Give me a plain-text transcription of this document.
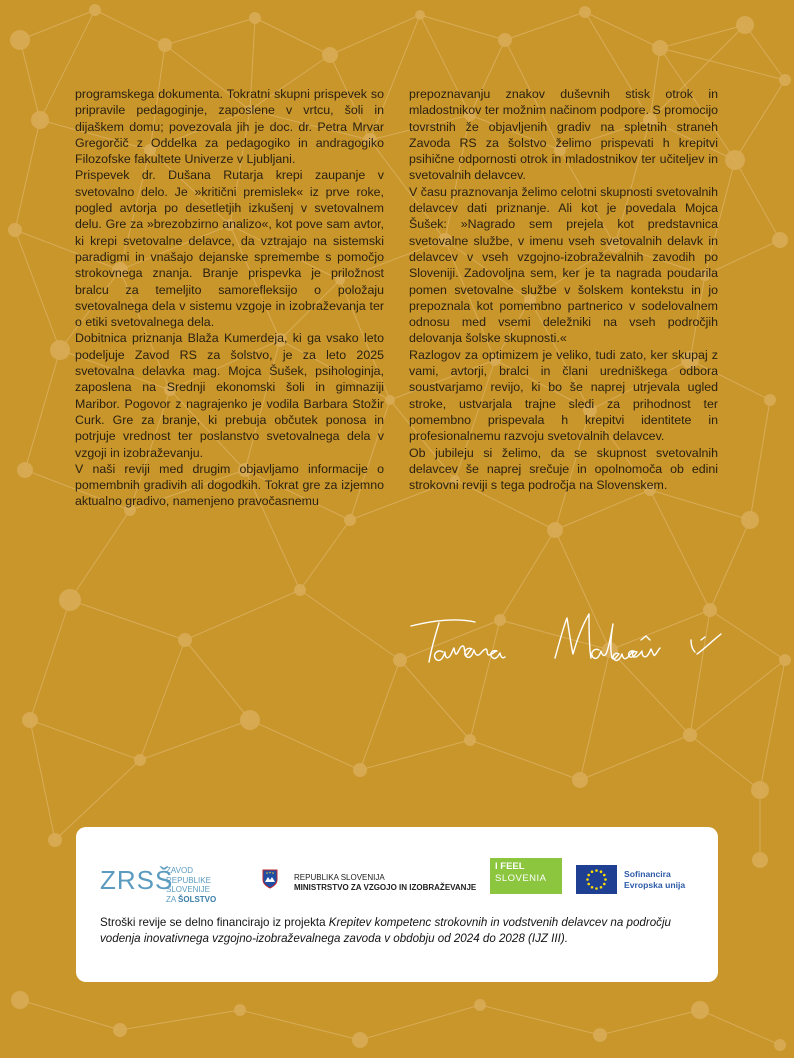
programskega dokumenta. Tokratni skupni prispevek so pripravile pedagoginje, zaposlene v vrtcu, šoli in dijaškem domu; povezovala jih je doc. dr. Petra Mrvar Gregorčič z Oddelka za pedagogiko in andragogiko Filozofske fakultete Univerze v Ljubljani.

Prispevek dr. Dušana Rutarja krepi zaupanje v svetovalno delo. Je »kritični premislek« iz prve roke, pogled avtorja po desetletjih izkušenj v svetovalnem delu. Gre za »brezobzirno analizo«, kot pove sam avtor, ki krepi svetovalne delavce, da vztrajajo na sistemski paradigmi in vnašajo dejanske spremembe s pomočjo strokovnega znanja. Branje prispevka je priložnost bralcu za temeljito samorefleksijo o položaju svetovalnega dela v sistemu vzgoje in izobraževanja ter o etiki svetovalnega dela.

Dobitnica priznanja Blaža Kumerdeja, ki ga vsako leto podeljuje Zavod RS za šolstvo, je za leto 2025 svetovalna delavka mag. Mojca Šušek, psihologinja, zaposlena na Srednji ekonomski šoli in gimnaziji Maribor. Pogovor z nagrajenko je vodila Barbara Stožir Curk. Gre za branje, ki prebuja občutek ponosa in potrjuje vrednost ter poslanstvo svetovalnega dela v vzgoji in izobraževanju.

V naši reviji med drugim objavljamo informacije o pomembnih gradivih ali dogodkih. Tokrat gre za izjemno aktualno gradivo, namenjeno pravočasnemu

prepoznavanju znakov duševnih stisk otrok in mladostnikov ter možnim načinom podpore. S promocijo tovrstnih že objavljenih gradiv na spletnih straneh Zavoda RS za šolstvo želimo prispevati h krepitvi psihične odpornosti otrok in mladostnikov ter učiteljev in svetovalnih delavcev.

V času praznovanja želimo celotni skupnosti svetovalnih delavcev dati priznanje. Ali kot je povedala Mojca Šušek: »Nagrado sem prejela kot predstavnica svetovalne službe, v imenu vseh svetovalnih delavk in delavcev v vseh vzgojno-izobraževalnih zavodih po Sloveniji. Zadovoljna sem, ker je ta nagrada poudarila pomen svetovalne službe v šolskem kontekstu in jo prepoznala kot pomembno partnerico v sodelovalnem odnosu med vsemi deležniki na vseh področjih delovanja šolske skupnosti.«

Razlogov za optimizem je veliko, tudi zato, ker skupaj z vami, avtorji, bralci in člani uredniškega odbora soustvarjamo revijo, ki bo še naprej utrjevala ugled stroke, ustvarjala trajne sledi za prihodnost ter pomembno prispevala h krepitvi identitete in profesionalnemu razvoju svetovalnih delavcev.

Ob jubileju si želimo, da se skupnost svetovalnih delavcev še naprej srečuje in opolnomoča ob edini strokovni reviji s tega področja na Slovenskem.

ZRSŠ
ZAVOD
REPUBLIKE SLOVENIJE
ZA ŠOLSTVO
REPUBLIKA SLOVENIJA
MINISTRSTVO ZA VZGOJO IN IZOBRAŽEVANJE
I FEEL
SLOVENIA	Sofinancira
Evropska unija
Stroški revije se delno financirajo iz projekta Krepitev kompetenc strokovnih in vodstvenih delavcev na področju vodenja inovativnega vzgojno-izobraževalnega zavoda v obdobju od 2024 do 2028 (IJZ III).
